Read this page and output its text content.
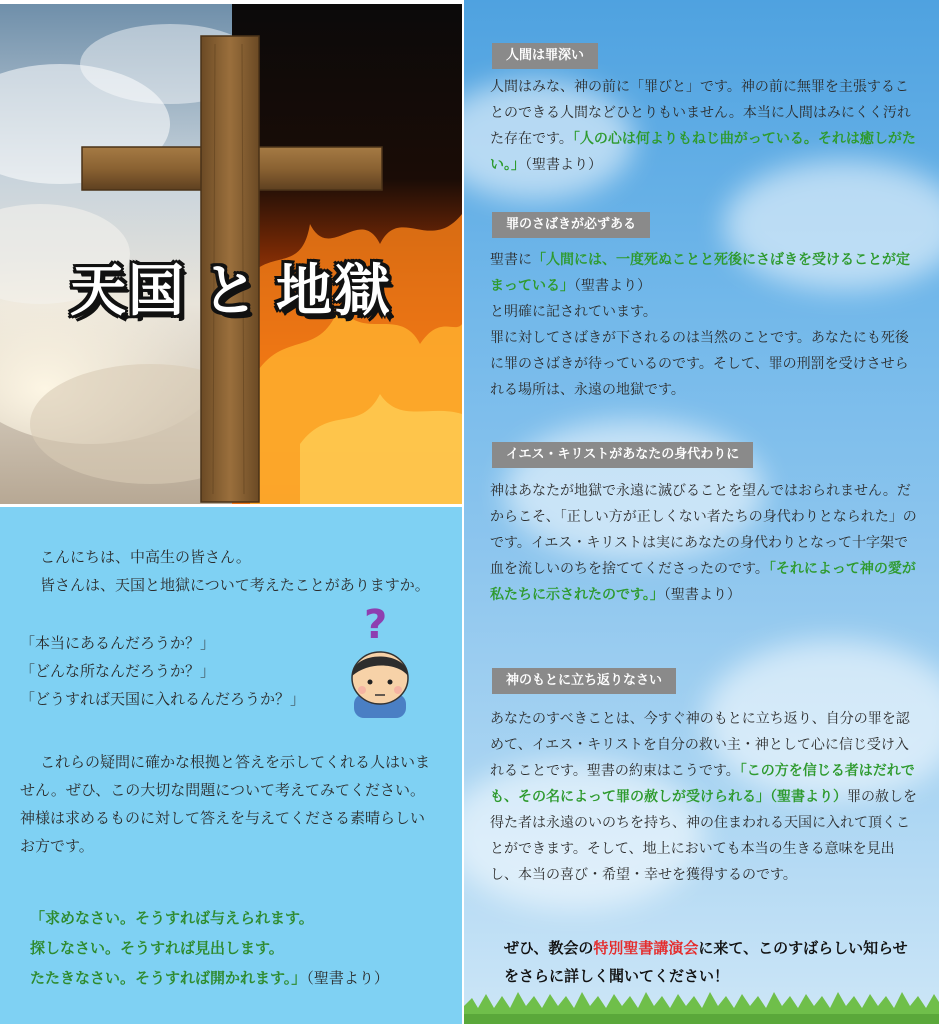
天国 と 地獄
こんにちは、中高生の皆さん。
皆さんは、天国と地獄について考えたことがありますか。
「本当にあるんだろうか？」
「どんな所なんだろうか？」
「どうすれば天国に入れるんだろうか？」
これらの疑問に確かな根拠と答えを示してくれる人はいません。ぜひ、この大切な問題について考えてみてください。神様は求めるものに対して答えを与えてくださる素晴らしいお方です。
「求めなさい。そうすれば与えられます。
探しなさい。そうすれば見出します。
たたきなさい。そうすれば開かれます。」（聖書より）
?
人間は罪深い
人間はみな、神の前に「罪びと」です。神の前に無罪を主張することのできる人間などひとりもいません。本当に人間はみにくく汚れた存在です。「人の心は何よりもねじ曲がっている。それは癒しがたい。」（聖書より）
罪のさばきが必ずある
聖書に「人間には、一度死ぬことと死後にさばきを受けることが定まっている」（聖書より）
と明確に記されています。
罪に対してさばきが下されるのは当然のことです。あなたにも死後に罪のさばきが待っているのです。そして、罪の刑罰を受けさせられる場所は、永遠の地獄です。
イエス・キリストがあなたの身代わりに
神はあなたが地獄で永遠に滅びることを望んではおられません。だからこそ、「正しい方が正しくない者たちの身代わりとなられた」のです。イエス・キリストは実にあなたの身代わりとなって十字架で血を流しいのちを捨ててくださったのです。「それによって神の愛が私たちに示されたのです。」（聖書より）
神のもとに立ち返りなさい
あなたのすべきことは、今すぐ神のもとに立ち返り、自分の罪を認めて、イエス・キリストを自分の救い主・神として心に信じ受け入れることです。聖書の約束はこうです。「この方を信じる者はだれでも、その名によって罪の赦しが受けられる」（聖書より）罪の赦しを得た者は永遠のいのちを持ち、神の住まわれる天国に入れて頂くことができます。そして、地上においても本当の生きる意味を見出し、本当の喜び・希望・幸せを獲得するのです。
ぜひ、教会の特別聖書講演会に来て、このすばらしい知らせをさらに詳しく聞いてください！
